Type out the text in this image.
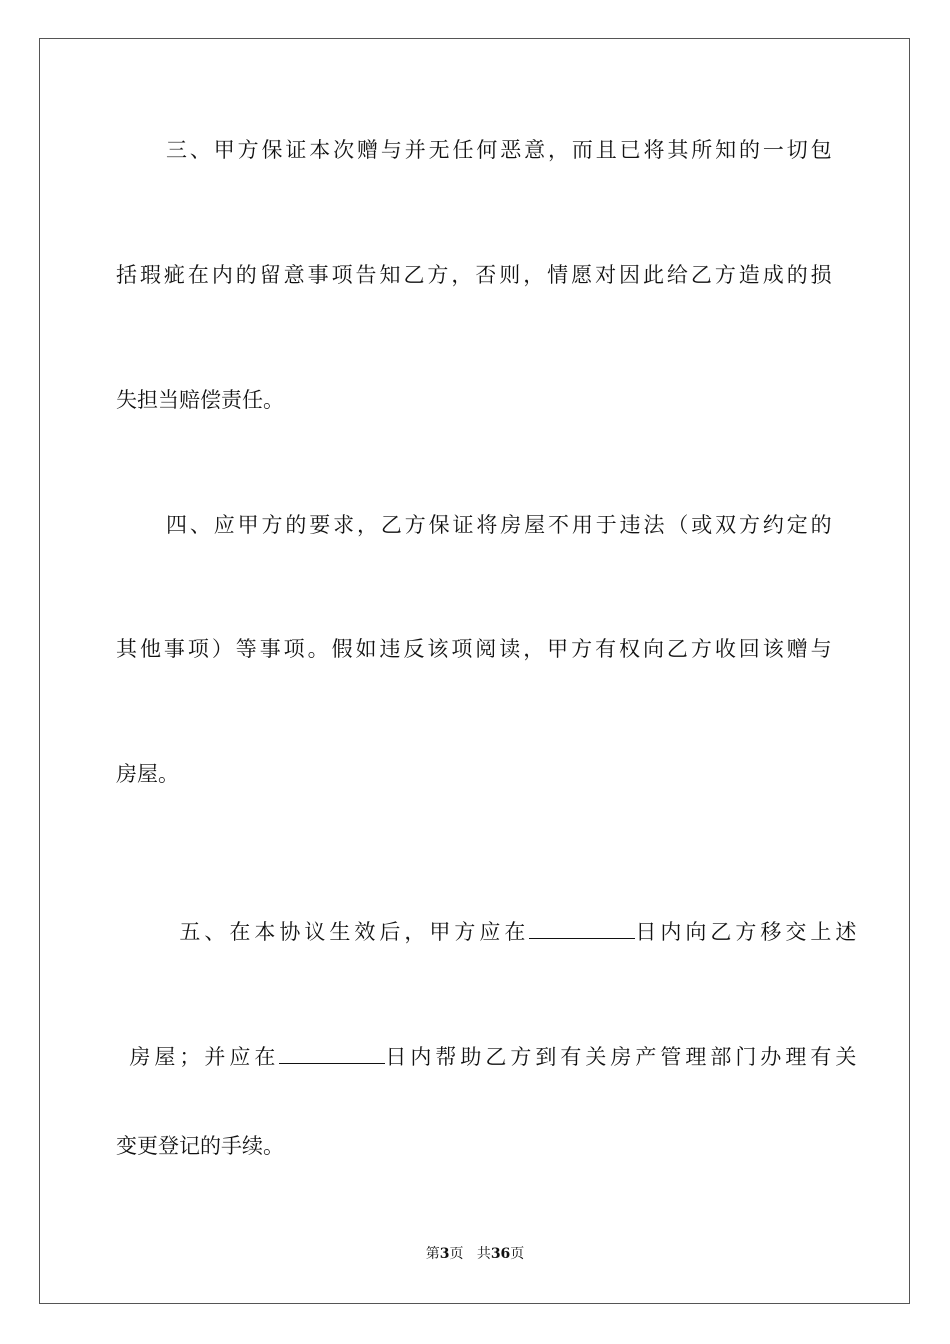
三 、 甲 方 保 证 本 次 赠 与 并 无 任 何 恶 意 ， 而 且 已 将 其 所 知 的 一 切 包
括 瑕 疵 在 内 的 留 意 事 项 告 知 乙 方 ， 否 则 ， 情 愿 对 因 此 给 乙 方 造 成 的 损
失担当赔偿责任。
四 、 应 甲 方 的 要 求 ， 乙 方 保 证 将 房 屋 不 用 于 违 法 （ 或 双 方 约 定 的
其 他 事 项 ） 等 事 项 。 假 如 违 反 该 项 阅 读 ， 甲 方 有 权 向 乙 方 收 回 该 赠 与
房屋。

五、在本协议生效后，甲方应在	日内向乙方移交上述

房屋；并应在	日内帮助乙方到有关房产管理部门办理有关

变更登记的手续。
第3页 共36页
